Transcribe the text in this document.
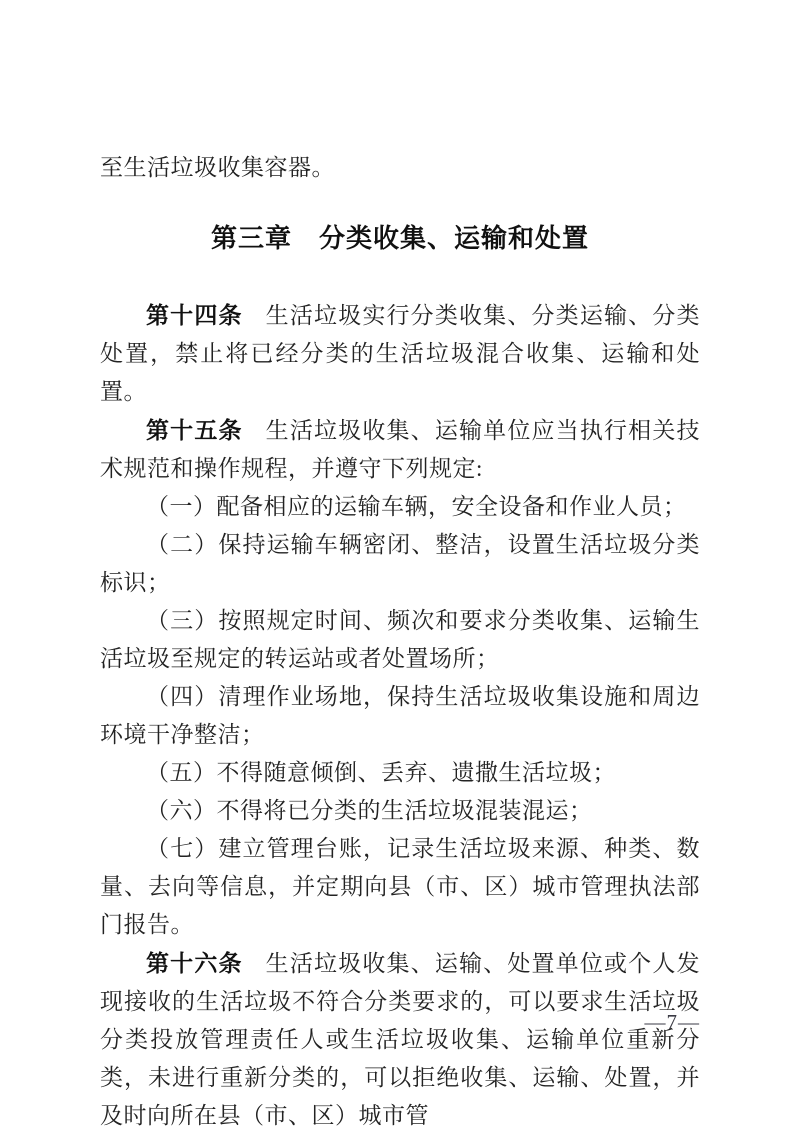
至生活垃圾收集容器。

第三章　分类收集、运输和处置

第十四条 生活垃圾实行分类收集、分类运输、分类处置，禁止将已经分类的生活垃圾混合收集、运输和处置。

第十五条 生活垃圾收集、运输单位应当执行相关技术规范和操作规程，并遵守下列规定:

（一）配备相应的运输车辆，安全设备和作业人员；

（二）保持运输车辆密闭、整洁，设置生活垃圾分类标识；

（三）按照规定时间、频次和要求分类收集、运输生活垃圾至规定的转运站或者处置场所；

（四）清理作业场地，保持生活垃圾收集设施和周边环境干净整洁；

（五）不得随意倾倒、丢弃、遗撒生活垃圾；

（六）不得将已分类的生活垃圾混装混运；

（七）建立管理台账，记录生活垃圾来源、种类、数量、去向等信息，并定期向县（市、区）城市管理执法部门报告。

第十六条 生活垃圾收集、运输、处置单位或个人发现接收的生活垃圾不符合分类要求的，可以要求生活垃圾分类投放管理责任人或生活垃圾收集、运输单位重新分类，未进行重新分类的，可以拒绝收集、运输、处置，并及时向所在县（市、区）城市管

—7—
